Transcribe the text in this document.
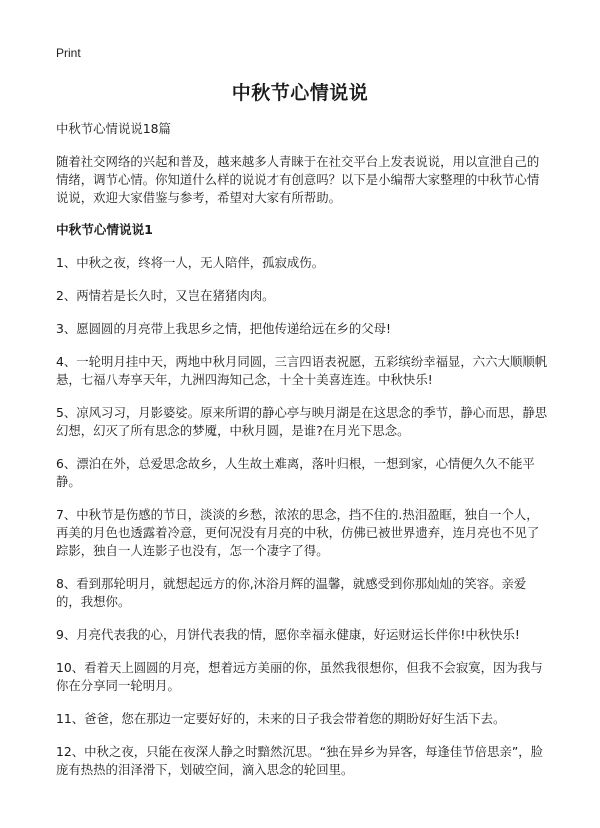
Print
中秋节心情说说

中秋节心情说说18篇

随着社交网络的兴起和普及，越来越多人青睐于在社交平台上发表说说，用以宣泄自己的情绪，调节心情。你知道什么样的说说才有创意吗？以下是小编帮大家整理的中秋节心情说说，欢迎大家借鉴与参考，希望对大家有所帮助。

中秋节心情说说1

1、中秋之夜，终将一人，无人陪伴，孤寂成伤。

2、两情若是长久时，又岂在猪猪肉肉。

3、愿圆圆的月亮带上我思乡之情，把他传递给远在乡的父母!

4、一轮明月挂中天，两地中秋月同圆，三言四语表祝愿，五彩缤纷幸福显，六六大顺顺帆悬，七福八寿享天年，九洲四海知己念，十全十美喜连连。中秋快乐!

5、凉风习习，月影婆娑。原来所谓的静心亭与映月湖是在这思念的季节，静心而思，静思幻想，幻灭了所有思念的梦魇，中秋月圆，是谁?在月光下思念。

6、漂泊在外，总爱思念故乡，人生故土难离，落叶归根，一想到家，心情便久久不能平静。

7、中秋节是伤感的节日，淡淡的乡愁，浓浓的思念，挡不住的.热泪盈眶，独自一个人，再美的月色也透露着冷意，更何况没有月亮的中秋，仿佛已被世界遗弃，连月亮也不见了踪影，独自一人连影子也没有，怎一个凄字了得。

8、看到那轮明月，就想起远方的你,沐浴月辉的温馨，就感受到你那灿灿的笑容。亲爱的，我想你。

9、月亮代表我的心，月饼代表我的情，愿你幸福永健康，好运财运长伴你!中秋快乐!

10、看着天上圆圆的月亮，想着远方美丽的你，虽然我很想你，但我不会寂寞，因为我与你在分享同一轮明月。

11、爸爸，您在那边一定要好好的，未来的日子我会带着您的期盼好好生活下去。

12、中秋之夜，只能在夜深人静之时黯然沉思。“独在异乡为异客，每逢佳节倍思亲”，脸庞有热热的泪泽滑下，划破空间，滴入思念的轮回里。
